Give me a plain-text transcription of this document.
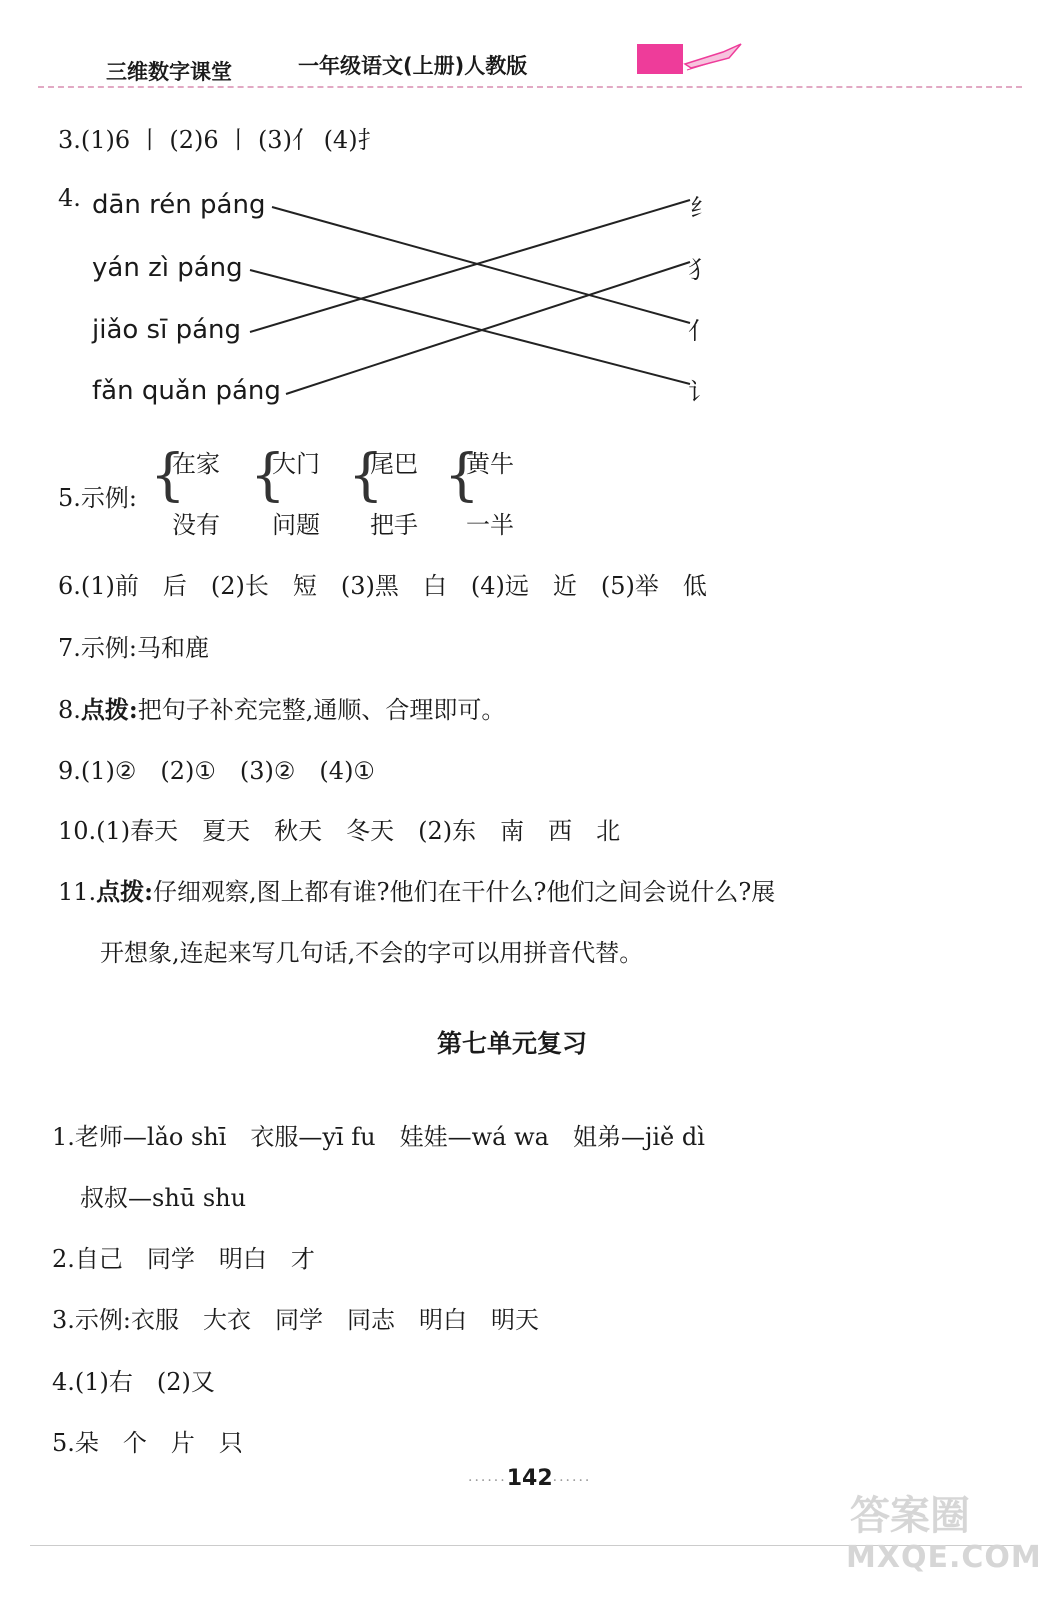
三维数字课堂	一年级语文(上册)人教版
3.(1)6 丨 (2)6 丨 (3)亻 (4)扌
4. dān rén páng
yán zì páng
jiǎo sī páng
fǎn quǎn páng
纟
犭
亻
讠
5.示例: {
在家
没有
{
大门
问题
{
尾巴
把手
{
黄牛
一半
6.(1)前　后　(2)长　短　(3)黑　白　(4)远　近　(5)举　低
7.示例:马和鹿
8.点拨:把句子补充完整,通顺、合理即可。
9.(1)②　(2)①　(3)②　(4)①
10.(1)春天　夏天　秋天　冬天　(2)东　南　西　北
11.点拨:仔细观察,图上都有谁?他们在干什么?他们之间会说什么?展
开想象,连起来写几句话,不会的字可以用拼音代替。
第七单元复习
1.老师—lǎo shī　衣服—yī fu　娃娃—wá wa　姐弟—jiě dì
叔叔—shū shu
2.自己　同学　明白　才
3.示例:衣服　大衣　同学　同志　明白　明天
4.(1)右　(2)又
5.朵　个　片　只
······142······
答案圈
MXQE.COM
